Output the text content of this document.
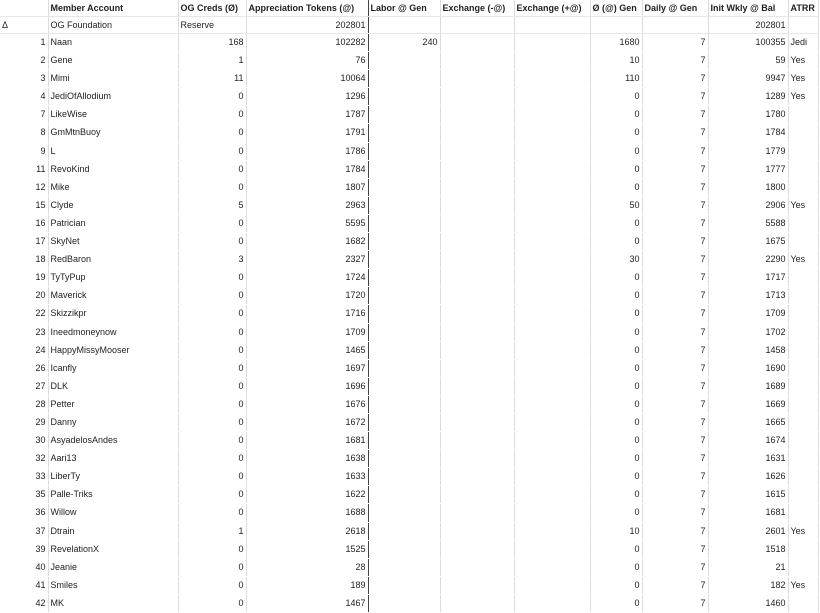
	Member Account	OG Creds (Ø)	Appreciation Tokens (@)	Labor @ Gen	Exchange (-@)	Exchange (+@)	Ø (@) Gen	Daily @ Gen	Init Wkly @ Bal	ATRR
Δ	OG Foundation	Reserve	202801						202801	
1	Naan	168	102282	240			1680	7	100355	Jedi
2	Gene	1	76				10	7	59	Yes
3	Mimi	11	10064				110	7	9947	Yes
4	JediOfAllodium	0	1296				0	7	1289	Yes
7	LikeWise	0	1787				0	7	1780	
8	GmMtnBuoy	0	1791				0	7	1784	
9	L	0	1786				0	7	1779	
11	RevoKind	0	1784				0	7	1777	
12	Mike	0	1807				0	7	1800	
15	Clyde	5	2963				50	7	2906	Yes
16	Patrician	0	5595				0	7	5588	
17	SkyNet	0	1682				0	7	1675	
18	RedBaron	3	2327				30	7	2290	Yes
19	TyTyPup	0	1724				0	7	1717	
20	Maverick	0	1720				0	7	1713	
22	Skizzikpr	0	1716				0	7	1709	
23	Ineedmoneynow	0	1709				0	7	1702	
24	HappyMissyMooser	0	1465				0	7	1458	
26	Icanfly	0	1697				0	7	1690	
27	DLK	0	1696				0	7	1689	
28	Petter	0	1676				0	7	1669	
29	Danny	0	1672				0	7	1665	
30	AsyadelosAndes	0	1681				0	7	1674	
32	Aari13	0	1638				0	7	1631	
33	LiberTy	0	1633				0	7	1626	
35	Palle-Triks	0	1622				0	7	1615	
36	Willow	0	1688				0	7	1681	
37	Dtrain	1	2618				10	7	2601	Yes
39	RevelationX	0	1525				0	7	1518	
40	Jeanie	0	28				0	7	21	
41	Smiles	0	189				0	7	182	Yes
42	MK	0	1467				0	7	1460	
